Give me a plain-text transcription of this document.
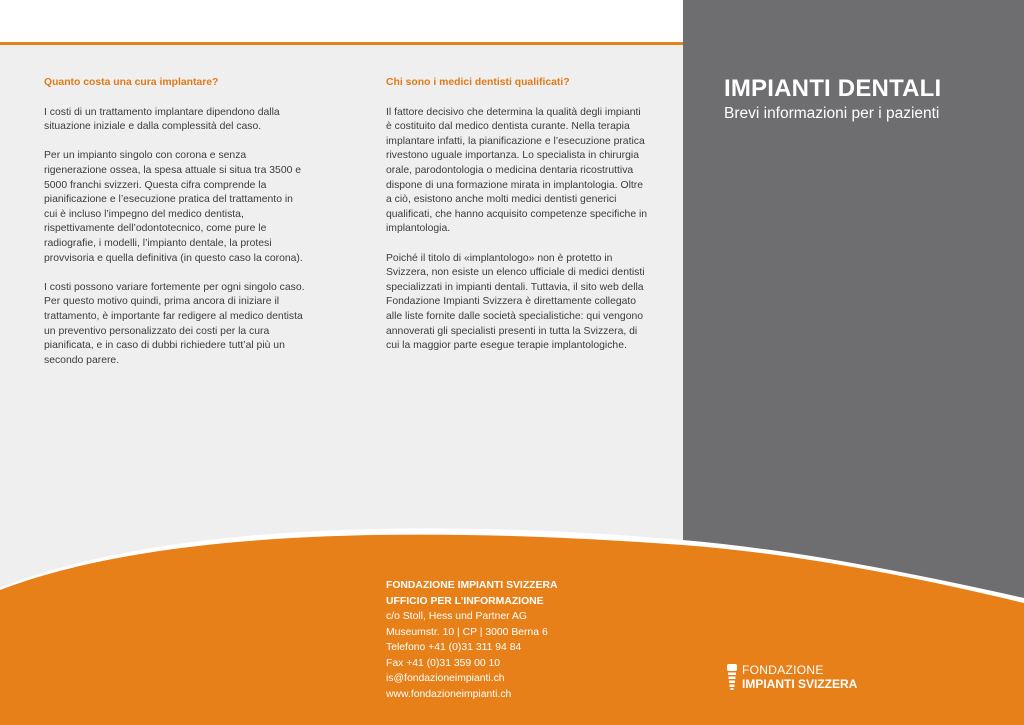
Quanto costa una cura implantare?

I costi di un trattamento implantare dipendono dalla situazione iniziale e dalla complessità del caso.

Per un impianto singolo con corona e senza rigenerazione ossea, la spesa attuale si situa tra 3500 e 5000 franchi svizzeri. Questa cifra comprende la pianificazione e l’esecuzione pratica del trattamento in cui è incluso l’impegno del medico dentista, rispettivamente dell’odontotecnico, come pure le radiografie, i modelli, l’impianto dentale, la protesi provvisoria e quella definitiva (in questo caso la corona).

I costi possono variare fortemente per ogni singolo caso. Per questo motivo quindi, prima ancora di iniziare il trattamento, è importante far redigere al medico dentista un preventivo personalizzato dei costi per la cura pianificata, e in caso di dubbi richiedere tutt’al più un secondo parere.

Chi sono i medici dentisti qualificati?

Il fattore decisivo che determina la qualità degli impianti è costituito dal medico dentista curante. Nella terapia implantare infatti, la pianificazione e l’esecuzione pratica rivestono uguale importanza. Lo specialista in chirurgia orale, parodontologia o medicina dentaria ricostruttiva dispone di una formazione mirata in implantologia. Oltre a ciò, esistono anche molti medici dentisti generici qualificati, che hanno acquisito competenze specifiche in implantologia.

Poiché il titolo di «implantologo» non è protetto in Svizzera, non esiste un elenco ufficiale di medici dentisti specializzati in impianti dentali. Tuttavia, il sito web della Fondazione Impianti Svizzera è direttamente collegato alle liste fornite dalle società specialistiche: qui vengono annoverati gli specialisti presenti in tutta la Svizzera, di cui la maggior parte esegue terapie implantologiche.

IMPIANTI DENTALI
Brevi informazioni per i pazienti
FONDAZIONE IMPIANTI SVIZZERA
UFFICIO PER L’INFORMAZIONE
c/o Stoll, Hess und Partner AG
Museumstr. 10 | CP | 3000 Berna 6
Telefono +41 (0)31 311 94 84
Fax +41 (0)31 359 00 10
is@fondazioneimpianti.ch
www.fondazioneimpianti.ch
FONDAZIONE
IMPIANTI SVIZZERA
